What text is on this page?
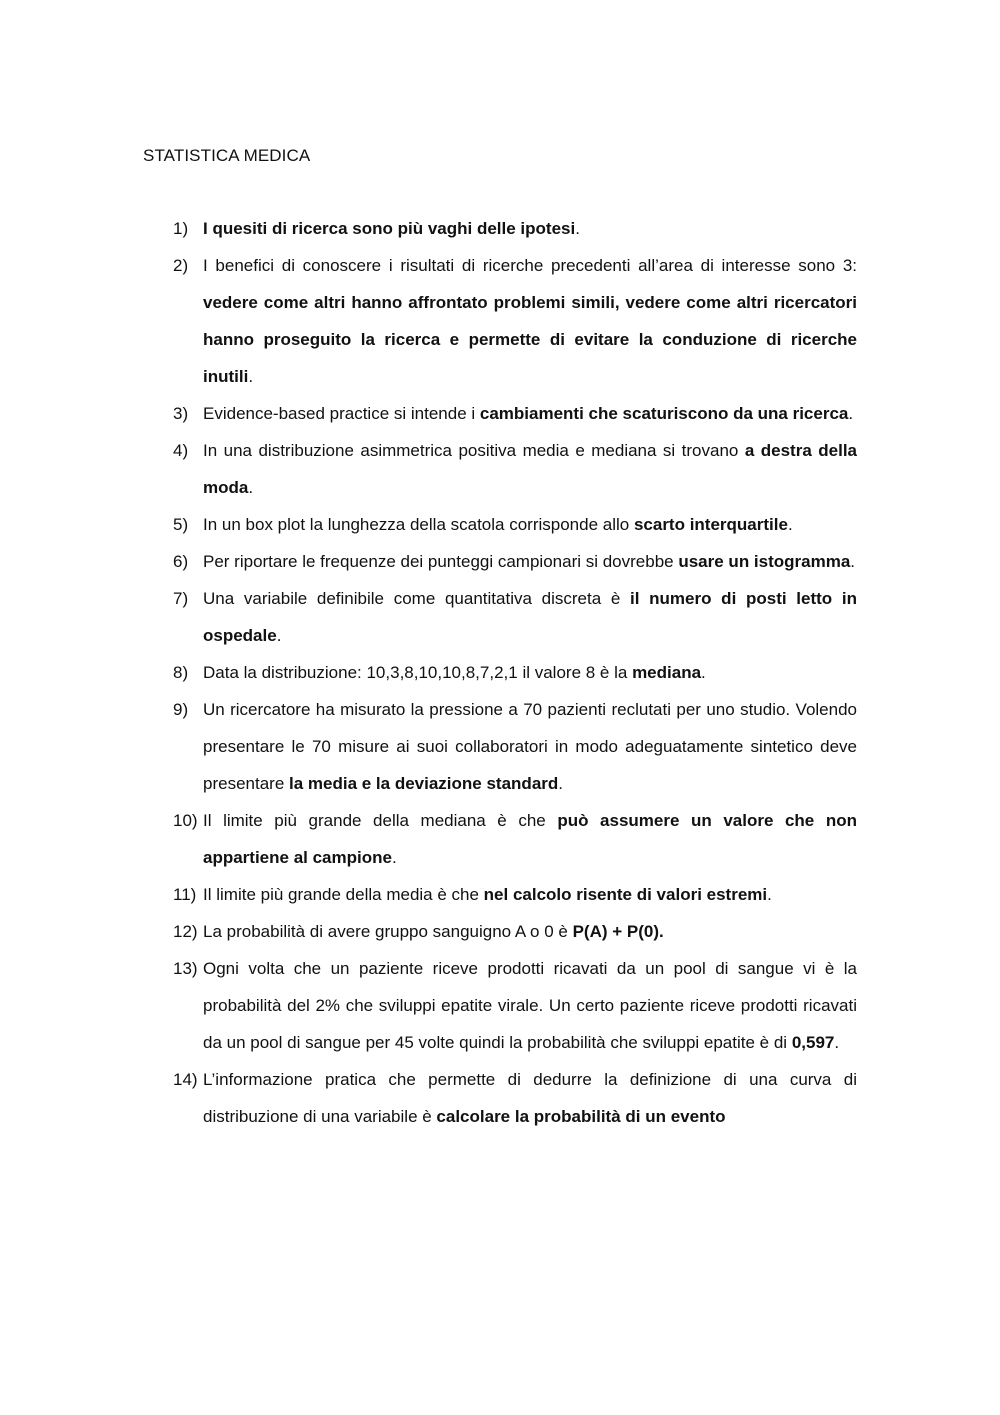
STATISTICA MEDICA
1) I quesiti di ricerca sono più vaghi delle ipotesi.
2) I benefici di conoscere i risultati di ricerche precedenti all’area di interesse sono 3: vedere come altri hanno affrontato problemi simili, vedere come altri ricercatori hanno proseguito la ricerca e permette di evitare la conduzione di ricerche inutili.
3) Evidence-based practice si intende i cambiamenti che scaturiscono da una ricerca.
4) In una distribuzione asimmetrica positiva media e mediana si trovano a destra della moda.
5) In un box plot la lunghezza della scatola corrisponde allo scarto interquartile.
6) Per riportare le frequenze dei punteggi campionari si dovrebbe usare un istogramma.
7) Una variabile definibile come quantitativa discreta è il numero di posti letto in ospedale.
8) Data la distribuzione: 10,3,8,10,10,8,7,2,1 il valore 8 è la mediana.
9) Un ricercatore ha misurato la pressione a 70 pazienti reclutati per uno studio. Volendo presentare le 70 misure ai suoi collaboratori in modo adeguatamente sintetico deve presentare la media e la deviazione standard.
10) Il limite più grande della mediana è che può assumere un valore che non appartiene al campione.
11) Il limite più grande della media è che nel calcolo risente di valori estremi.
12) La probabilità di avere gruppo sanguigno A o 0 è P(A) + P(0).
13) Ogni volta che un paziente riceve prodotti ricavati da un pool di sangue vi è la probabilità del 2% che sviluppi epatite virale. Un certo paziente riceve prodotti ricavati da un pool di sangue per 45 volte quindi la probabilità che sviluppi epatite è di 0,597.
14) L’informazione pratica che permette di dedurre la definizione di una curva di distribuzione di una variabile è calcolare la probabilità di un evento
